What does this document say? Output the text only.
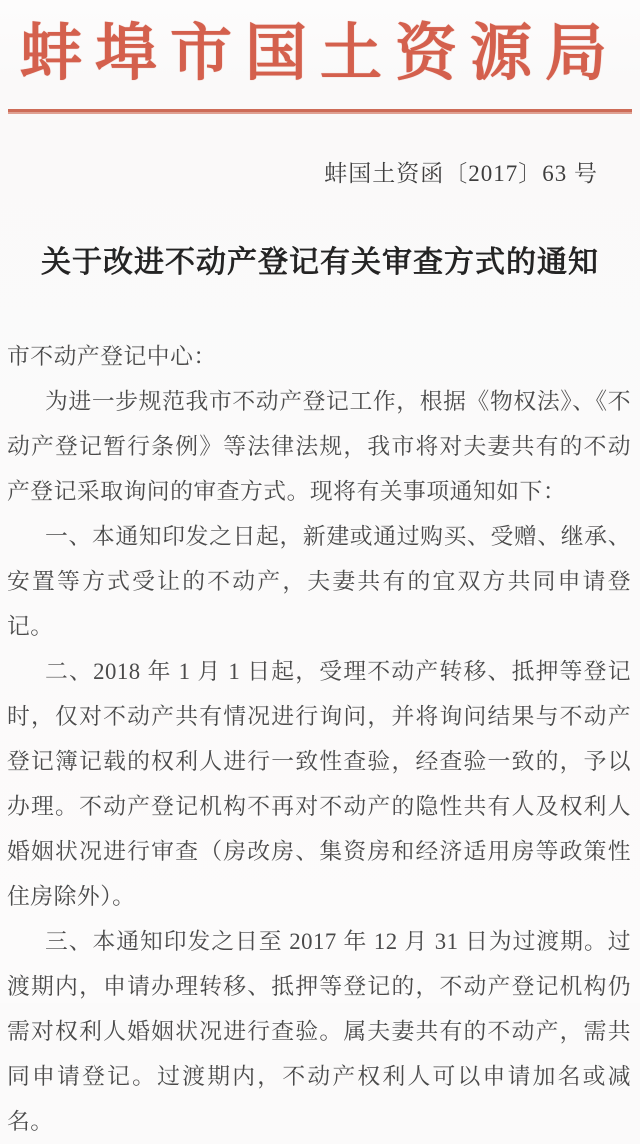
蚌埠市国土资源局
蚌国土资函〔2017〕63 号
关于改进不动产登记有关审查方式的通知

市不动产登记中心：

为进一步规范我市不动产登记工作，根据《物权法》、《不动产登记暂行条例》等法律法规，我市将对夫妻共有的不动产登记采取询问的审查方式。现将有关事项通知如下：

一、本通知印发之日起，新建或通过购买、受赠、继承、安置等方式受让的不动产，夫妻共有的宜双方共同申请登记。

二、2018 年 1 月 1 日起，受理不动产转移、抵押等登记时，仅对不动产共有情况进行询问，并将询问结果与不动产登记簿记载的权利人进行一致性查验，经查验一致的，予以办理。不动产登记机构不再对不动产的隐性共有人及权利人婚姻状况进行审查（房改房、集资房和经济适用房等政策性住房除外）。

三、本通知印发之日至 2017 年 12 月 31 日为过渡期。过渡期内，申请办理转移、抵押等登记的，不动产登记机构仍需对权利人婚姻状况进行查验。属夫妻共有的不动产，需共同申请登记。过渡期内，不动产权利人可以申请加名或减名。
